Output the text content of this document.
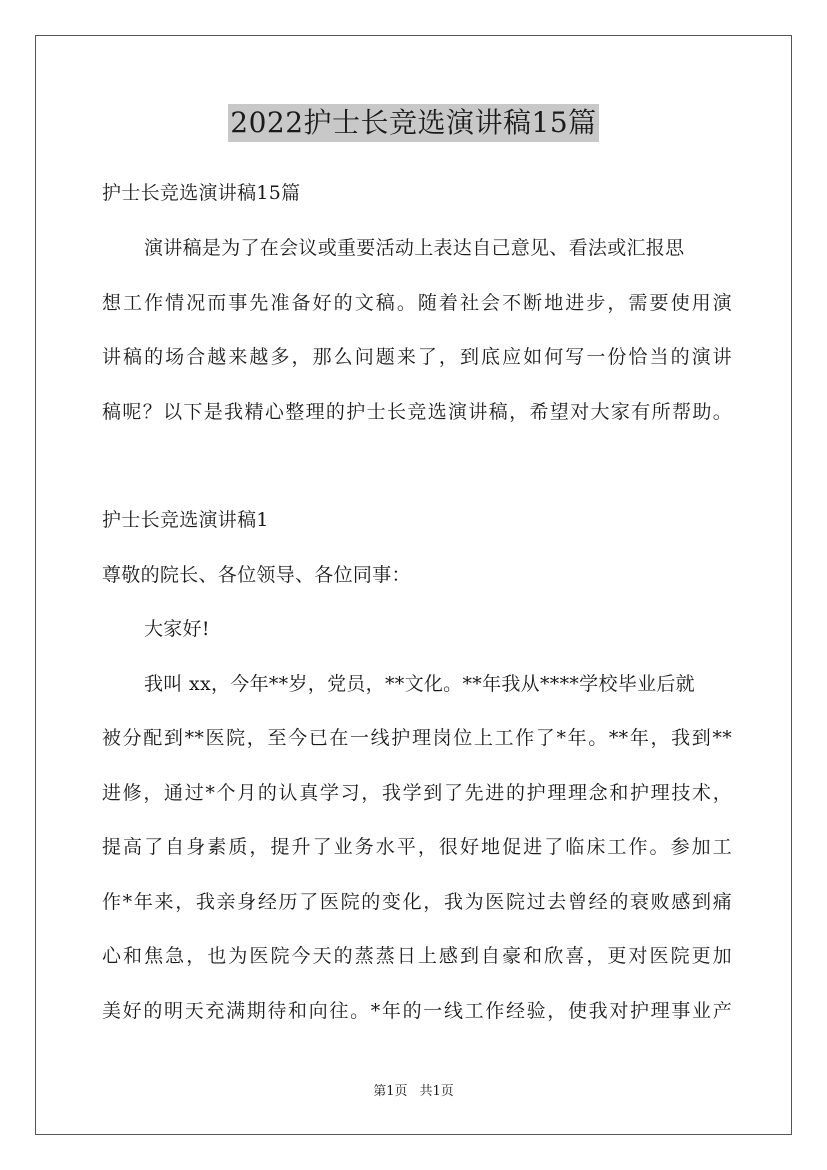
2022护士长竞选演讲稿15篇
护士长竞选演讲稿15篇
演讲稿是为了在会议或重要活动上表达自己意见、看法或汇报思
想工作情况而事先准备好的文稿。随着社会不断地进步，需要使用演
讲稿的场合越来越多，那么问题来了，到底应如何写一份恰当的演讲
稿呢？以下是我精心整理的护士长竞选演讲稿，希望对大家有所帮助。
护士长竞选演讲稿1
尊敬的院长、各位领导、各位同事：
大家好!
我叫 xx，今年**岁，党员，**文化。**年我从****学校毕业后就
被分配到**医院，至今已在一线护理岗位上工作了*年。**年，我到**
进修，通过*个月的认真学习，我学到了先进的护理理念和护理技术，
提高了自身素质，提升了业务水平，很好地促进了临床工作。参加工
作*年来，我亲身经历了医院的变化，我为医院过去曾经的衰败感到痛
心和焦急，也为医院今天的蒸蒸日上感到自豪和欣喜，更对医院更加
美好的明天充满期待和向往。*年的一线工作经验，使我对护理事业产
第1页 共1页
